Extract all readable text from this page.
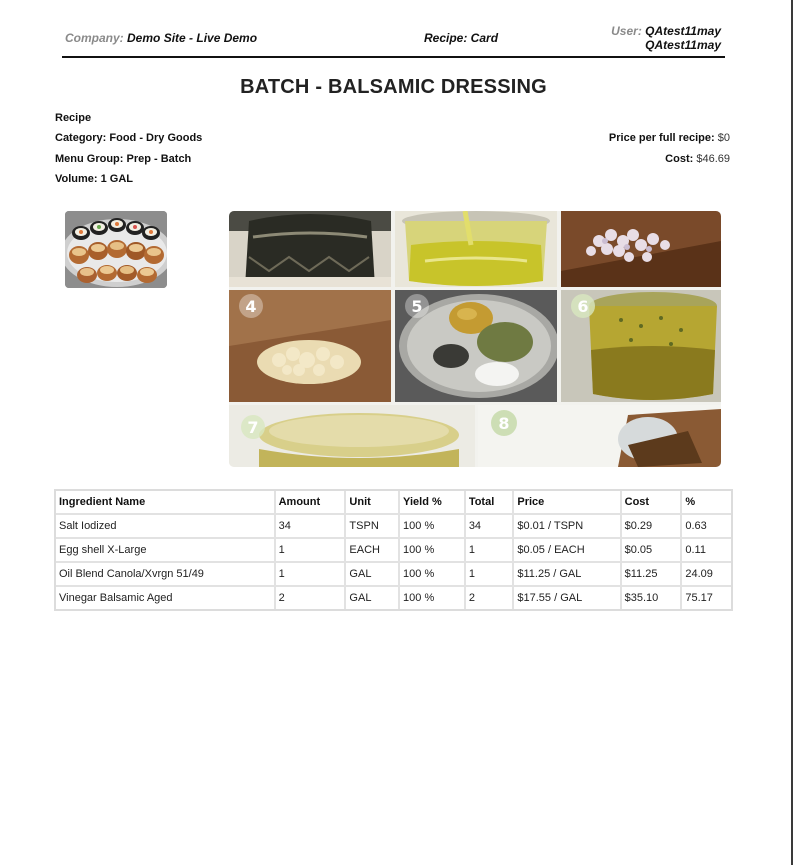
Company: Demo Site - Live Demo	Recipe: Card	User: QAtest11may
QAtest11may
BATCH - BALSAMIC DRESSING
Recipe
Category: Food - Dry Goods
Menu Group: Prep - Batch
Volume: 1 GAL
Price per full recipe: $0
Cost: $46.69
4	5	6
7	8
Ingredient Name	Amount	Unit	Yield %	Total	Price	Cost	%
Salt Iodized	34	TSPN	100 %	34	$0.01 / TSPN	$0.29	0.63
Egg shell X-Large	1	EACH	100 %	1	$0.05 / EACH	$0.05	0.11
Oil Blend Canola/Xvrgn 51/49	1	GAL	100 %	1	$11.25 / GAL	$11.25	24.09
Vinegar Balsamic Aged	2	GAL	100 %	2	$17.55 / GAL	$35.10	75.17
